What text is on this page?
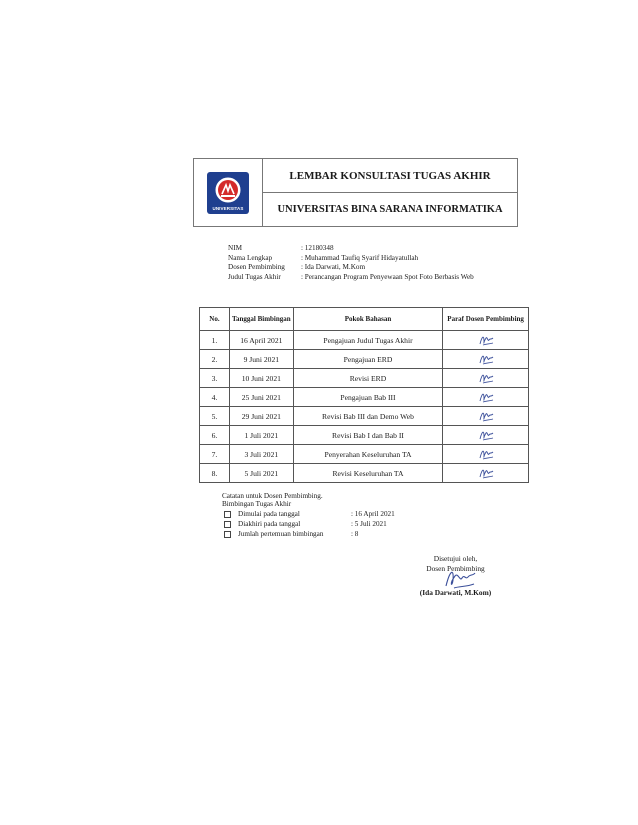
UNIVERSITAS
LEMBAR KONSULTASI TUGAS AKHIR
UNIVERSITAS BINA SARANA INFORMATIKA
NIM	: 12180348
Nama Lengkap	: Muhammad Taufiq Syarif Hidayatullah
Dosen Pembimbing	: Ida Darwati, M.Kom
Judul Tugas Akhir	: Perancangan Program Penyewaan Spot Foto Berbasis Web
No.	Tanggal Bimbingan	Pokok Bahasan	Paraf Dosen Pembimbing
1.	16 April 2021	Pengajuan Judul Tugas Akhir	

2.	9 Juni 2021	Pengajuan ERD	

3.	10 Juni 2021	Revisi ERD	

4.	25 Juni 2021	Pengajuan Bab III	

5.	29 Juni 2021	Revisi Bab III dan Demo Web	

6.	1 Juli 2021	Revisi Bab I dan Bab II	

7.	3 Juli 2021	Penyerahan Keseluruhan TA	

8.	5 Juli 2021	Revisi Keseluruhan TA	
Catatan untuk Dosen Pembimbing.
Bimbingan Tugas Akhir
Dimulai pada tanggal	: 16 April 2021
Diakhiri pada tanggal	: 5 Juli 2021
Jumlah pertemuan bimbingan	: 8
Disetujui oleh,
Dosen Pembimbing
(Ida Darwati, M.Kom)
